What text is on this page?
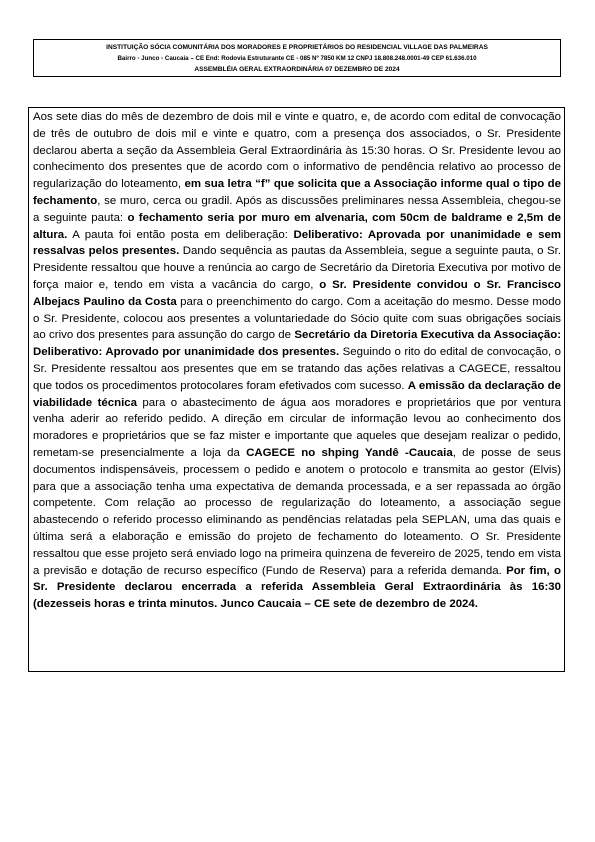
INSTITUIÇÃO SÓCIA COMUNITÁRIA DOS MORADORES E PROPRIETÁRIOS DO RESIDENCIAL VILLAGE DAS PALMEIRAS
Bairro - Junco - Caucaia – CE End: Rodovia Estruturante CE - 085 Nº 7850 KM 12 CNPJ 18.808.248.0001-49 CEP 61.636.010
ASSEMBLÉIA GERAL EXTRAORDINÁRIA 07 DEZEMBRO DE 2024
Aos sete dias do mês de dezembro de dois mil e vinte e quatro, e, de acordo com edital de convocação de três de outubro de dois mil e vinte e quatro, com a presença dos associados, o Sr. Presidente declarou aberta a seção da Assembleia Geral Extraordinária às 15:30 horas. O Sr. Presidente levou ao conhecimento dos presentes que de acordo com o informativo de pendência relativo ao processo de regularização do loteamento, em sua letra “f” que solicita que a Associação informe qual o tipo de fechamento, se muro, cerca ou gradil. Após as discussões preliminares nessa Assembleia, chegou-se a seguinte pauta: o fechamento seria por muro em alvenaria, com 50cm de baldrame e 2,5m de altura. A pauta foi então posta em deliberação: Deliberativo: Aprovada por unanimidade e sem ressalvas pelos presentes. Dando sequência as pautas da Assembleia, segue a seguinte pauta, o Sr. Presidente ressaltou que houve a renúncia ao cargo de Secretário da Diretoria Executiva por motivo de força maior e, tendo em vista a vacância do cargo, o Sr. Presidente convidou o Sr. Francisco Albejacs Paulino da Costa para o preenchimento do cargo. Com a aceitação do mesmo. Desse modo o Sr. Presidente, colocou aos presentes a voluntariedade do Sócio quite com suas obrigações sociais ao crivo dos presentes para assunção do cargo de Secretário da Diretoria Executiva da Associação: Deliberativo: Aprovado por unanimidade dos presentes. Seguindo o rito do edital de convocação, o Sr. Presidente ressaltou aos presentes que em se tratando das ações relativas a CAGECE, ressaltou que todos os procedimentos protocolares foram efetivados com sucesso. A emissão da declaração de viabilidade técnica para o abastecimento de água aos moradores e proprietários que por ventura venha aderir ao referido pedido. A direção em circular de informação levou ao conhecimento dos moradores e proprietários que se faz mister e importante que aqueles que desejam realizar o pedido, remetam-se presencialmente a loja da CAGECE no shping Yandê -Caucaia, de posse de seus documentos indispensáveis, processem o pedido e anotem o protocolo e transmita ao gestor (Elvis) para que a associação tenha uma expectativa de demanda processada, e a ser repassada ao órgão competente. Com relação ao processo de regularização do loteamento, a associação segue abastecendo o referido processo eliminando as pendências relatadas pela SEPLAN, uma das quais e última será a elaboração e emissão do projeto de fechamento do loteamento. O Sr. Presidente ressaltou que esse projeto será enviado logo na primeira quinzena de fevereiro de 2025, tendo em vista a previsão e dotação de recurso específico (Fundo de Reserva) para a referida demanda. Por fim, o Sr. Presidente declarou encerrada a referida Assembleia Geral Extraordinária às 16:30 (dezesseis horas e trinta minutos. Junco Caucaia – CE sete de dezembro de 2024.
